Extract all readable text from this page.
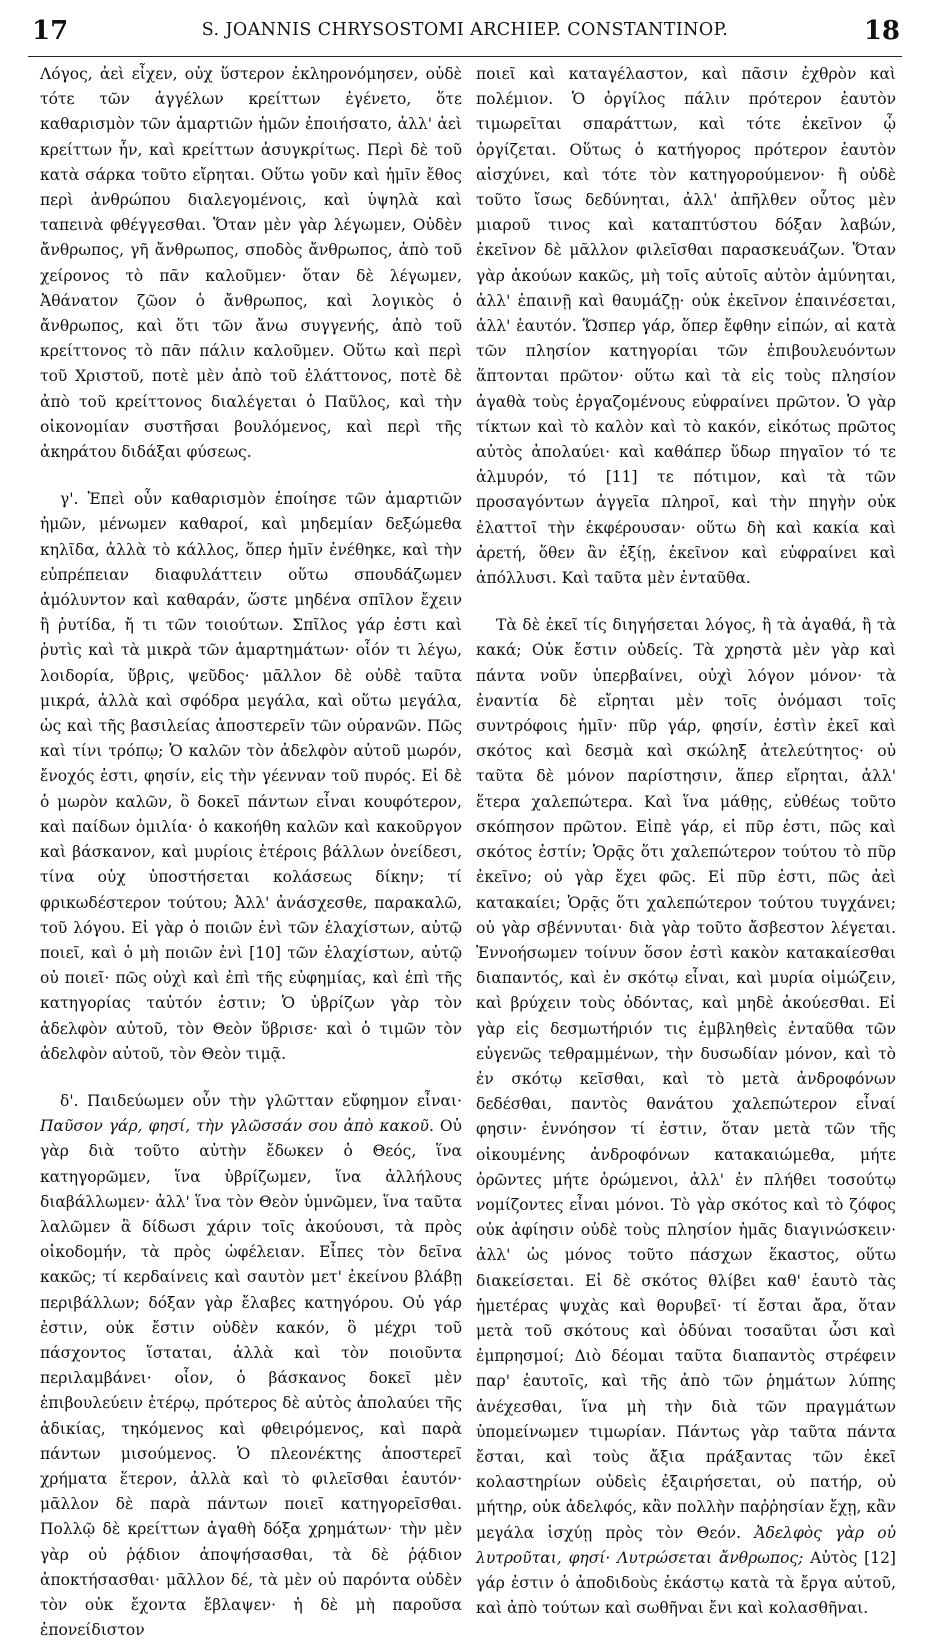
17	S. JOANNIS CHRYSOSTOMI ARCHIEP. CONSTANTINOP.	18

Λόγος, ἀεὶ εἶχεν, οὐχ ὕστερον ἐκληρονόμησεν, οὐδὲ τότε τῶν ἀγγέλων κρείττων ἐγένετο, ὅτε καθαρισμὸν τῶν ἁμαρτιῶν ἡμῶν ἐποιήσατο, ἀλλ' ἀεὶ κρείττων ἦν, καὶ κρείττων ἀσυγκρίτως. Περὶ δὲ τοῦ κατὰ σάρκα τοῦτο εἴρηται. Οὕτω γοῦν καὶ ἡμῖν ἔθος περὶ ἀνθρώπου διαλεγομένοις, καὶ ὑψηλὰ καὶ ταπεινὰ φθέγγεσθαι. Ὅταν μὲν γὰρ λέγωμεν, Οὐδὲν ἄνθρωπος, γῆ ἄνθρωπος, σποδὸς ἄνθρωπος, ἀπὸ τοῦ χείρονος τὸ πᾶν καλοῦμεν· ὅταν δὲ λέγωμεν, Ἀθάνατον ζῶον ὁ ἄνθρωπος, καὶ λογικὸς ὁ ἄνθρωπος, καὶ ὅτι τῶν ἄνω συγγενής, ἀπὸ τοῦ κρείττονος τὸ πᾶν πάλιν καλοῦμεν. Οὕτω καὶ περὶ τοῦ Χριστοῦ, ποτὲ μὲν ἀπὸ τοῦ ἐλάττονος, ποτὲ δὲ ἀπὸ τοῦ κρείττονος διαλέγεται ὁ Παῦλος, καὶ τὴν οἰκονομίαν συστῆσαι βουλόμενος, καὶ περὶ τῆς ἀκηράτου διδάξαι φύσεως.

γ'. Ἐπεὶ οὖν καθαρισμὸν ἐποίησε τῶν ἁμαρτιῶν ἡμῶν, μένωμεν καθαροί, καὶ μηδεμίαν δεξώμεθα κηλῖδα, ἀλλὰ τὸ κάλλος, ὅπερ ἡμῖν ἐνέθηκε, καὶ τὴν εὐπρέπειαν διαφυλάττειν οὕτω σπουδάζωμεν ἀμόλυντον καὶ καθαράν, ὥστε μηδένα σπῖλον ἔχειν ἢ ῥυτίδα, ἤ τι τῶν τοιούτων. Σπῖλος γάρ ἐστι καὶ ῥυτὶς καὶ τὰ μικρὰ τῶν ἁμαρτημάτων· οἷόν τι λέγω, λοιδορία, ὕβρις, ψεῦδος· μᾶλλον δὲ οὐδὲ ταῦτα μικρά, ἀλλὰ καὶ σφόδρα μεγάλα, καὶ οὕτω μεγάλα, ὡς καὶ τῆς βασιλείας ἀποστερεῖν τῶν οὐρανῶν. Πῶς καὶ τίνι τρόπῳ; Ὁ καλῶν τὸν ἀδελφὸν αὐτοῦ μωρόν, ἔνοχός ἐστι, φησίν, εἰς τὴν γέενναν τοῦ πυρός. Εἰ δὲ ὁ μωρὸν καλῶν, ὃ δοκεῖ πάντων εἶναι κουφότερον, καὶ παίδων ὁμιλία· ὁ κακοήθη καλῶν καὶ κακοῦργον καὶ βάσκανον, καὶ μυρίοις ἑτέροις βάλλων ὀνείδεσι, τίνα οὐχ ὑποστήσεται κολάσεως δίκην; τί φρικωδέστερον τούτου; Ἀλλ' ἀνάσχεσθε, παρακαλῶ, τοῦ λόγου. Εἰ γὰρ ὁ ποιῶν ἑνὶ τῶν ἐλαχίστων, αὐτῷ ποιεῖ, καὶ ὁ μὴ ποιῶν ἑνὶ [10] τῶν ἐλαχίστων, αὐτῷ οὐ ποιεῖ· πῶς οὐχὶ καὶ ἐπὶ τῆς εὐφημίας, καὶ ἐπὶ τῆς κατηγορίας ταὐτόν ἐστιν; Ὁ ὑβρίζων γὰρ τὸν ἀδελφὸν αὐτοῦ, τὸν Θεὸν ὕβρισε· καὶ ὁ τιμῶν τὸν ἀδελφὸν αὐτοῦ, τὸν Θεὸν τιμᾷ.

δ'. Παιδεύωμεν οὖν τὴν γλῶτταν εὔφημον εἶναι· Παῦσον γάρ, φησί, τὴν γλῶσσάν σου ἀπὸ κακοῦ. Οὐ γὰρ διὰ τοῦτο αὐτὴν ἔδωκεν ὁ Θεός, ἵνα κατηγορῶμεν, ἵνα ὑβρίζωμεν, ἵνα ἀλλήλους διαβάλλωμεν· ἀλλ' ἵνα τὸν Θεὸν ὑμνῶμεν, ἵνα ταῦτα λαλῶμεν ἃ δίδωσι χάριν τοῖς ἀκούουσι, τὰ πρὸς οἰκοδομήν, τὰ πρὸς ὠφέλειαν. Εἶπες τὸν δεῖνα κακῶς; τί κερδαίνεις καὶ σαυτὸν μετ' ἐκείνου βλάβῃ περιβάλλων; δόξαν γὰρ ἔλαβες κατηγόρου. Οὐ γάρ ἐστιν, οὐκ ἔστιν οὐδὲν κακόν, ὃ μέχρι τοῦ πάσχοντος ἵσταται, ἀλλὰ καὶ τὸν ποιοῦντα περιλαμβάνει· οἷον, ὁ βάσκανος δοκεῖ μὲν ἐπιβουλεύειν ἑτέρῳ, πρότερος δὲ αὐτὸς ἀπολαύει τῆς ἀδικίας, τηκόμενος καὶ φθειρόμενος, καὶ παρὰ πάντων μισούμενος. Ὁ πλεονέκτης ἀποστερεῖ χρήματα ἕτερον, ἀλλὰ καὶ τὸ φιλεῖσθαι ἑαυτόν· μᾶλλον δὲ παρὰ πάντων ποιεῖ κατηγορεῖσθαι. Πολλῷ δὲ κρείττων ἀγαθὴ δόξα χρημάτων· τὴν μὲν γὰρ οὐ ῥᾴδιον ἀποψήσασθαι, τὰ δὲ ῥᾴδιον ἀποκτήσασθαι· μᾶλλον δέ, τὰ μὲν οὐ παρόντα οὐδὲν τὸν οὐκ ἔχοντα ἔβλαψεν· ἡ δὲ μὴ παροῦσα ἐπονείδιστον

ποιεῖ καὶ καταγέλαστον, καὶ πᾶσιν ἐχθρὸν καὶ πολέμιον. Ὁ ὀργίλος πάλιν πρότερον ἑαυτὸν τιμωρεῖται σπαράττων, καὶ τότε ἐκεῖνον ᾧ ὀργίζεται. Οὕτως ὁ κατήγορος πρότερον ἑαυτὸν αἰσχύνει, καὶ τότε τὸν κατηγορούμενον· ἢ οὐδὲ τοῦτο ἴσως δεδύνηται, ἀλλ' ἀπῆλθεν οὗτος μὲν μιαροῦ τινος καὶ καταπτύστου δόξαν λαβών, ἐκεῖνον δὲ μᾶλλον φιλεῖσθαι παρασκευάζων. Ὅταν γὰρ ἀκούων κακῶς, μὴ τοῖς αὐτοῖς αὐτὸν ἀμύνηται, ἀλλ' ἐπαινῇ καὶ θαυμάζῃ· οὐκ ἐκεῖνον ἐπαινέσεται, ἀλλ' ἑαυτόν. Ὥσπερ γάρ, ὅπερ ἔφθην εἰπών, αἱ κατὰ τῶν πλησίον κατηγορίαι τῶν ἐπιβουλευόντων ἅπτονται πρῶτον· οὕτω καὶ τὰ εἰς τοὺς πλησίον ἀγαθὰ τοὺς ἐργαζομένους εὐφραίνει πρῶτον. Ὁ γὰρ τίκτων καὶ τὸ καλὸν καὶ τὸ κακόν, εἰκότως πρῶτος αὐτὸς ἀπολαύει· καὶ καθάπερ ὕδωρ πηγαῖον τό τε ἁλμυρόν, τό [11] τε πότιμον, καὶ τὰ τῶν προσαγόντων ἀγγεῖα πληροῖ, καὶ τὴν πηγὴν οὐκ ἐλαττοῖ τὴν ἐκφέρουσαν· οὕτω δὴ καὶ κακία καὶ ἀρετή, ὅθεν ἂν ἐξίῃ, ἐκεῖνον καὶ εὐφραίνει καὶ ἀπόλλυσι. Καὶ ταῦτα μὲν ἐνταῦθα.

Τὰ δὲ ἐκεῖ τίς διηγήσεται λόγος, ἢ τὰ ἀγαθά, ἢ τὰ κακά; Οὐκ ἔστιν οὐδείς. Τὰ χρηστὰ μὲν γὰρ καὶ πάντα νοῦν ὑπερβαίνει, οὐχὶ λόγον μόνον· τὰ ἐναντία δὲ εἴρηται μὲν τοῖς ὀνόμασι τοῖς συντρόφοις ἡμῖν· πῦρ γάρ, φησίν, ἐστὶν ἐκεῖ καὶ σκότος καὶ δεσμὰ καὶ σκώληξ ἀτελεύτητος· οὐ ταῦτα δὲ μόνον παρίστησιν, ἅπερ εἴρηται, ἀλλ' ἕτερα χαλεπώτερα. Καὶ ἵνα μάθῃς, εὐθέως τοῦτο σκόπησον πρῶτον. Εἰπὲ γάρ, εἰ πῦρ ἐστι, πῶς καὶ σκότος ἐστίν; Ὁρᾷς ὅτι χαλεπώτερον τούτου τὸ πῦρ ἐκεῖνο; οὐ γὰρ ἔχει φῶς. Εἰ πῦρ ἐστι, πῶς ἀεὶ κατακαίει; Ὁρᾷς ὅτι χαλεπώτερον τούτου τυγχάνει; οὐ γὰρ σβέννυται· διὰ γὰρ τοῦτο ἄσβεστον λέγεται. Ἐννοήσωμεν τοίνυν ὅσον ἐστὶ κακὸν κατακαίεσθαι διαπαντός, καὶ ἐν σκότῳ εἶναι, καὶ μυρία οἰμώζειν, καὶ βρύχειν τοὺς ὀδόντας, καὶ μηδὲ ἀκούεσθαι. Εἰ γὰρ εἰς δεσμωτήριόν τις ἐμβληθεὶς ἐνταῦθα τῶν εὐγενῶς τεθραμμένων, τὴν δυσωδίαν μόνον, καὶ τὸ ἐν σκότῳ κεῖσθαι, καὶ τὸ μετὰ ἀνδροφόνων δεδέσθαι, παντὸς θανάτου χαλεπώτερον εἶναί φησιν· ἐννόησον τί ἐστιν, ὅταν μετὰ τῶν τῆς οἰκουμένης ἀνδροφόνων κατακαιώμεθα, μήτε ὁρῶντες μήτε ὁρώμενοι, ἀλλ' ἐν πλήθει τοσούτῳ νομίζοντες εἶναι μόνοι. Τὸ γὰρ σκότος καὶ τὸ ζόφος οὐκ ἀφίησιν οὐδὲ τοὺς πλησίον ἡμᾶς διαγινώσκειν· ἀλλ' ὡς μόνος τοῦτο πάσχων ἕκαστος, οὕτω διακείσεται. Εἰ δὲ σκότος θλίβει καθ' ἑαυτὸ τὰς ἡμετέρας ψυχὰς καὶ θορυβεῖ· τί ἔσται ἄρα, ὅταν μετὰ τοῦ σκότους καὶ ὀδύναι τοσαῦται ὦσι καὶ ἐμπρησμοί; Διὸ δέομαι ταῦτα διαπαντὸς στρέφειν παρ' ἑαυτοῖς, καὶ τῆς ἀπὸ τῶν ῥημάτων λύπης ἀνέχεσθαι, ἵνα μὴ τὴν διὰ τῶν πραγμάτων ὑπομείνωμεν τιμωρίαν. Πάντως γὰρ ταῦτα πάντα ἔσται, καὶ τοὺς ἄξια πράξαντας τῶν ἐκεῖ κολαστηρίων οὐδεὶς ἐξαιρήσεται, οὐ πατήρ, οὐ μήτηρ, οὐκ ἀδελφός, κἂν πολλὴν παῤῥησίαν ἔχῃ, κἂν μεγάλα ἰσχύῃ πρὸς τὸν Θεόν. Ἀδελφὸς γὰρ οὐ λυτροῦται, φησί· Λυτρώσεται ἄνθρωπος; Αὐτὸς [12] γάρ ἐστιν ὁ ἀποδιδοὺς ἑκάστῳ κατὰ τὰ ἔργα αὐτοῦ, καὶ ἀπὸ τούτων καὶ σωθῆναι ἔνι καὶ κολασθῆναι.
